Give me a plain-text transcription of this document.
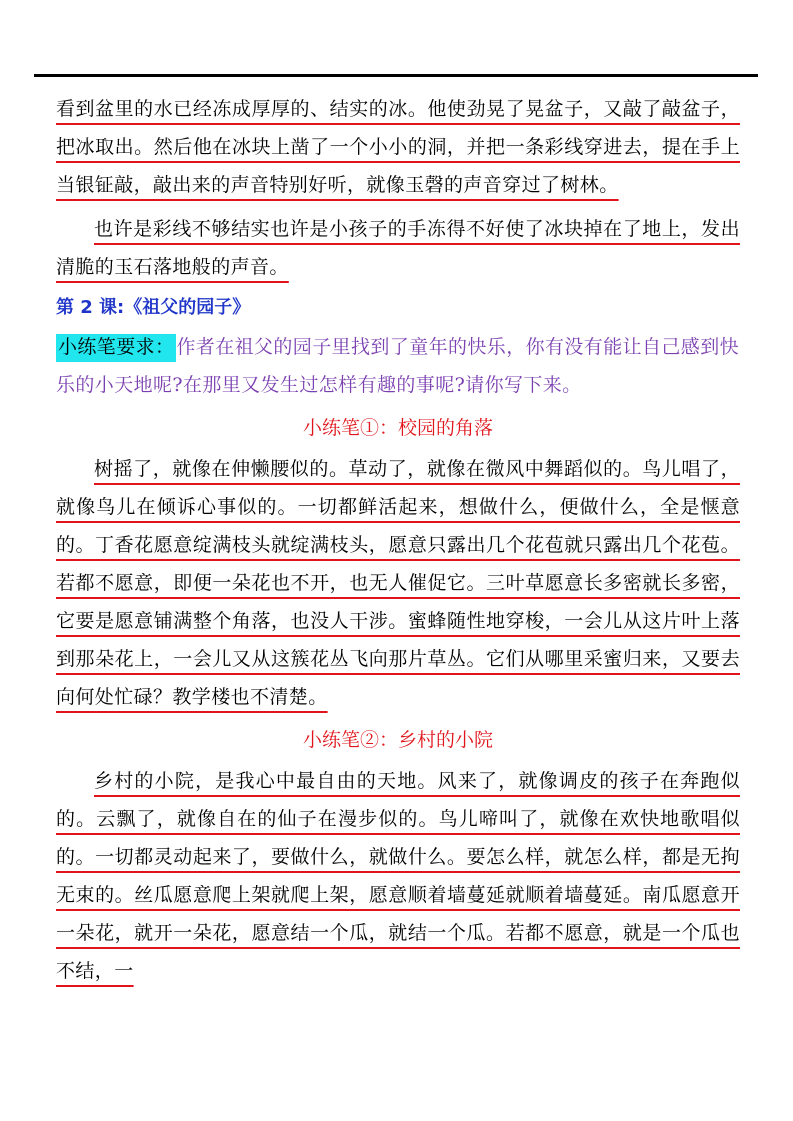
看到盆里的水已经冻成厚厚的、结实的冰。他使劲晃了晃盆子，又敲了敲盆子，把冰取出。然后他在冰块上凿了一个小小的洞，并把一条彩线穿进去，提在手上当银钲敲，敲出来的声音特别好听，就像玉磬的声音穿过了树林。

也许是彩线不够结实也许是小孩子的手冻得不好使了冰块掉在了地上，发出清脆的玉石落地般的声音。

第 2 课:《祖父的园子》

小练笔要求： 作者在祖父的园子里找到了童年的快乐，你有没有能让自己感到快乐的小天地呢?在那里又发生过怎样有趣的事呢?请你写下来。

小练笔①：校园的角落

树摇了，就像在伸懒腰似的。草动了，就像在微风中舞蹈似的。鸟儿唱了，就像鸟儿在倾诉心事似的。一切都鲜活起来，想做什么，便做什么，全是惬意的。丁香花愿意绽满枝头就绽满枝头，愿意只露出几个花苞就只露出几个花苞。若都不愿意，即便一朵花也不开，也无人催促它。三叶草愿意长多密就长多密，它要是愿意铺满整个角落，也没人干涉。蜜蜂随性地穿梭，一会儿从这片叶上落到那朵花上，一会儿又从这簇花丛飞向那片草丛。它们从哪里采蜜归来，又要去向何处忙碌？教学楼也不清楚。

小练笔②：乡村的小院

乡村的小院，是我心中最自由的天地。风来了，就像调皮的孩子在奔跑似的。云飘了，就像自在的仙子在漫步似的。鸟儿啼叫了，就像在欢快地歌唱似的。一切都灵动起来了，要做什么，就做什么。要怎么样，就怎么样，都是无拘无束的。丝瓜愿意爬上架就爬上架，愿意顺着墙蔓延就顺着墙蔓延。南瓜愿意开一朵花，就开一朵花，愿意结一个瓜，就结一个瓜。若都不愿意，就是一个瓜也不结，一
